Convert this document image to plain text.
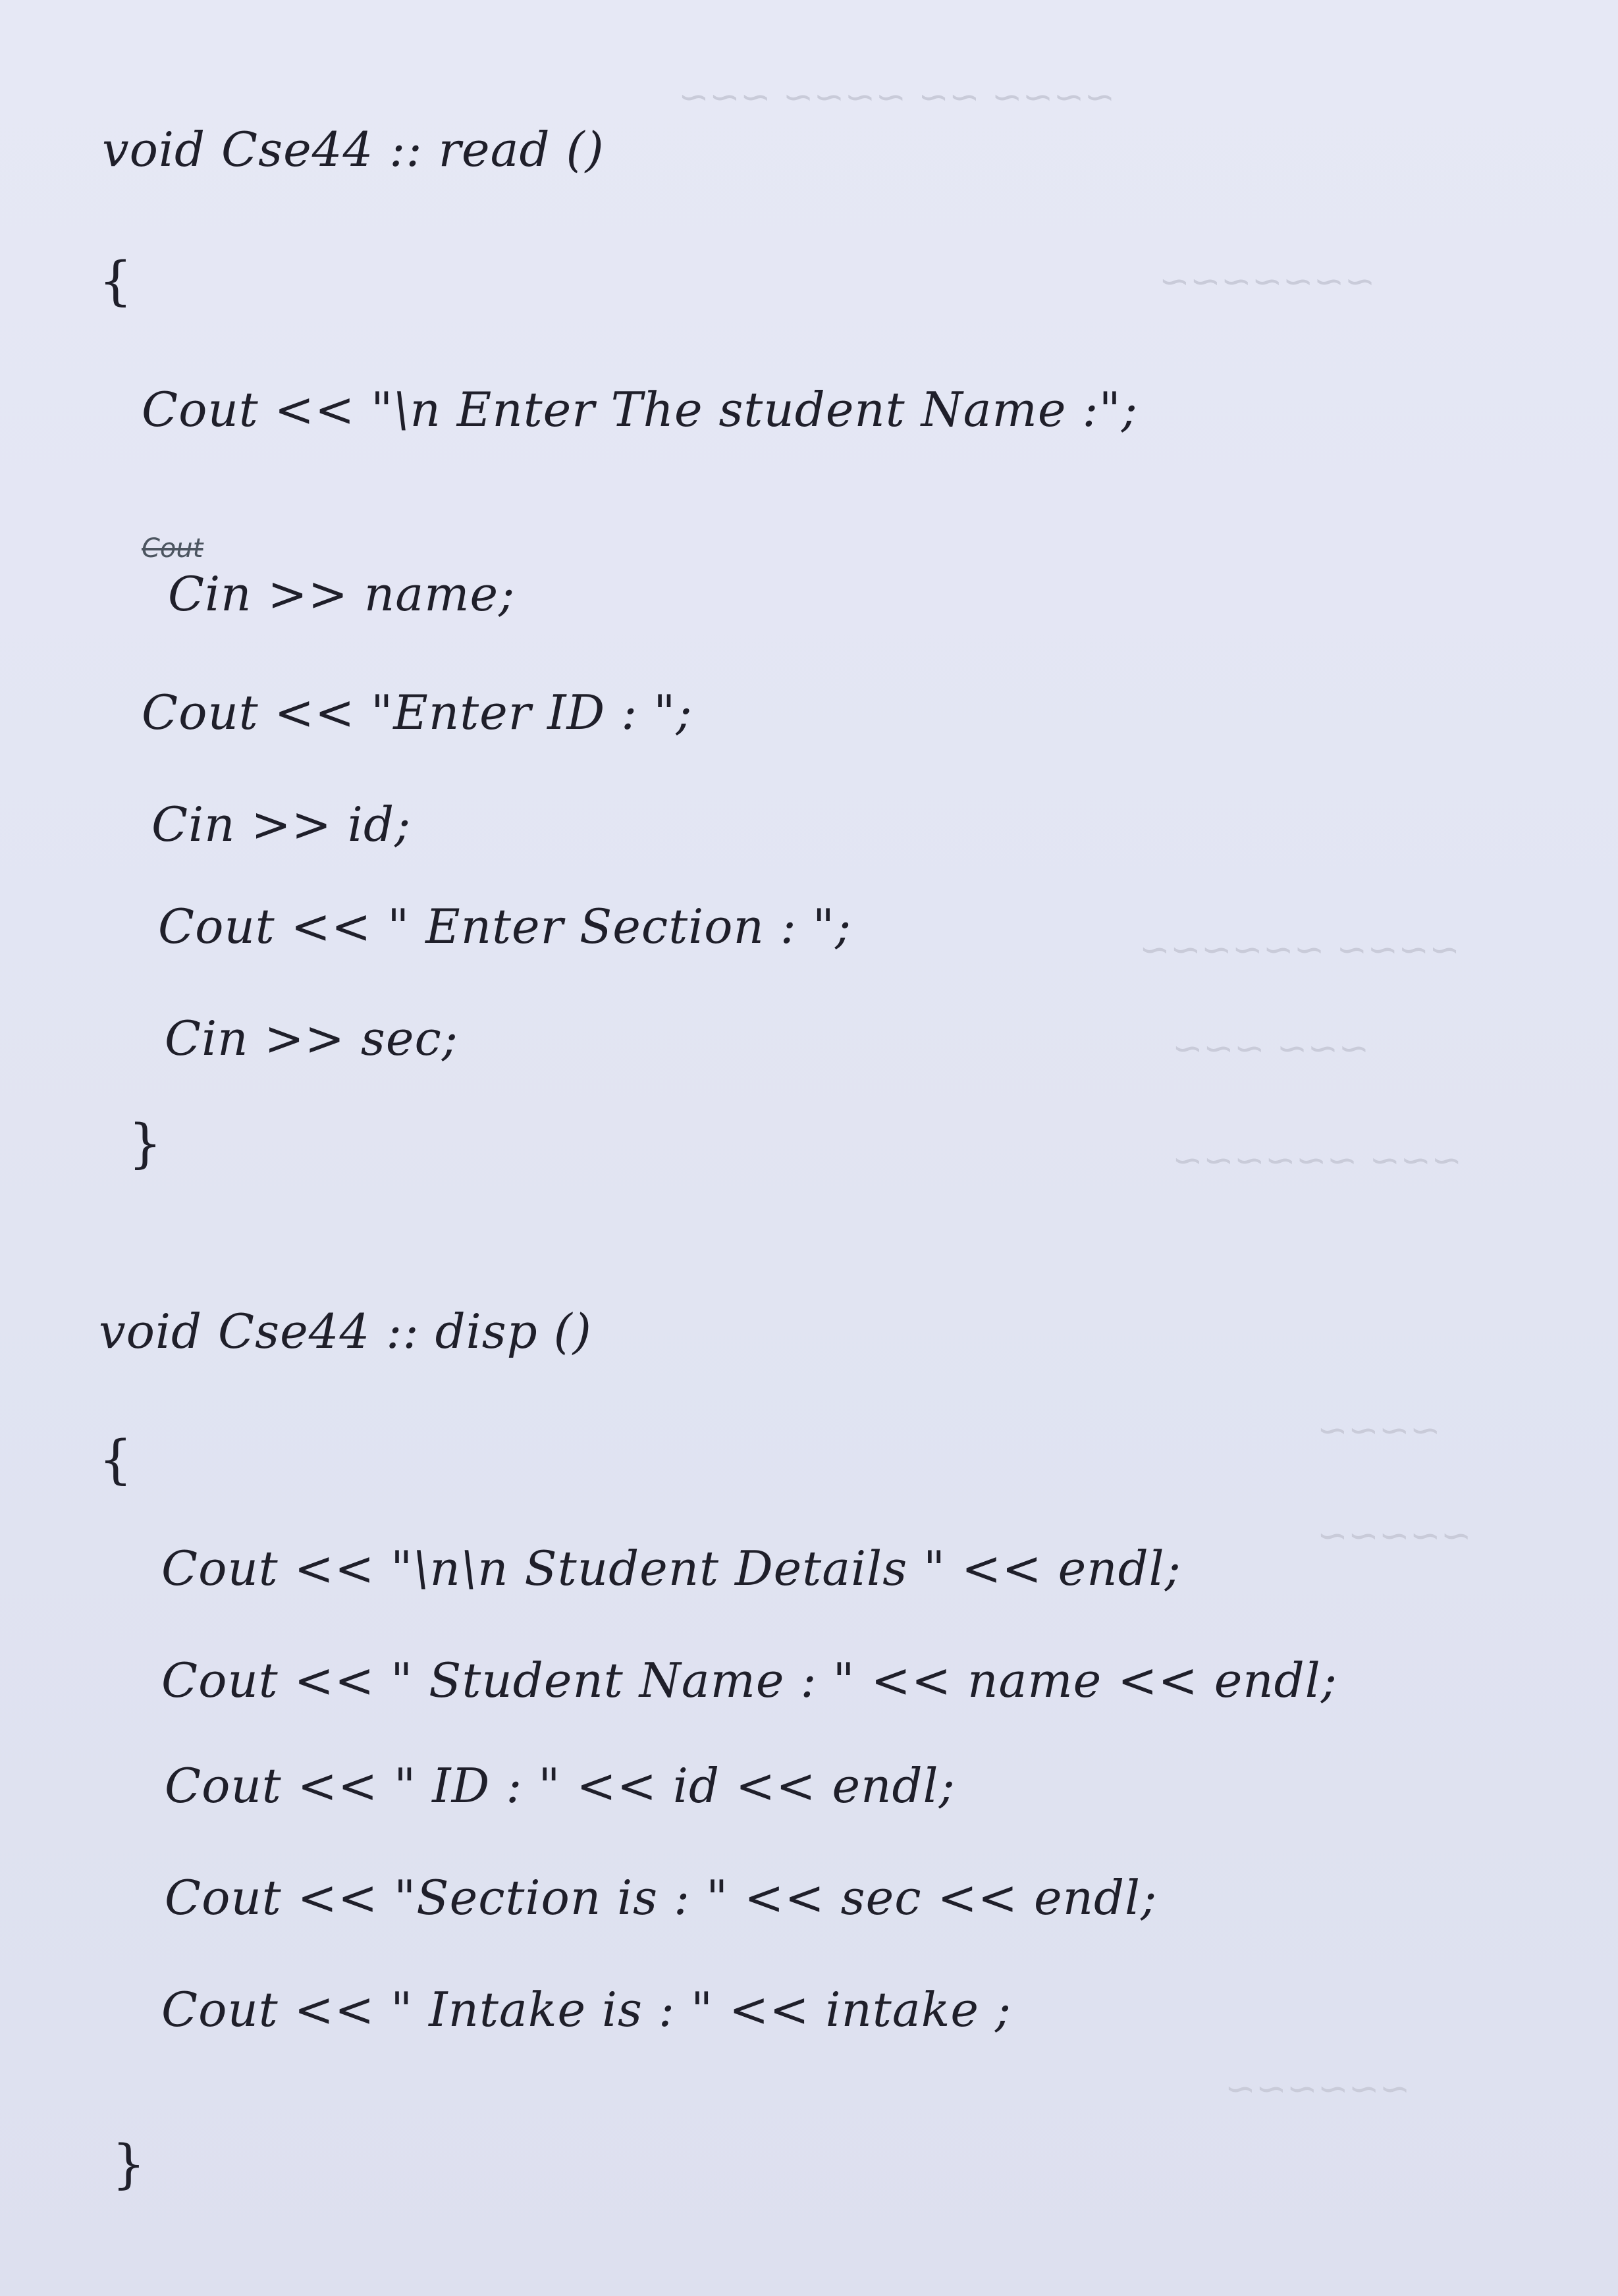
~~~~ ~~ ~~~~ ~~~
~~~~~~~
~~~~ ~~~~~~
~~~ ~~~
~~~ ~~~~~~
~~~~
~~~~~
~~~~~~
Cout
void Cse44 :: read ()
{
Cout << "\n Enter The student Name :";
Cin >> name;
Cout << "Enter ID : ";
Cin >> id;
Cout << " Enter Section : ";
Cin >> sec;
}
void Cse44 :: disp ()
{
Cout << "\n\n Student Details " << endl;
Cout << " Student Name : " << name << endl;
Cout << " ID : " << id << endl;
Cout << "Section is : " << sec << endl;
Cout << " Intake is : " << intake ;
}
